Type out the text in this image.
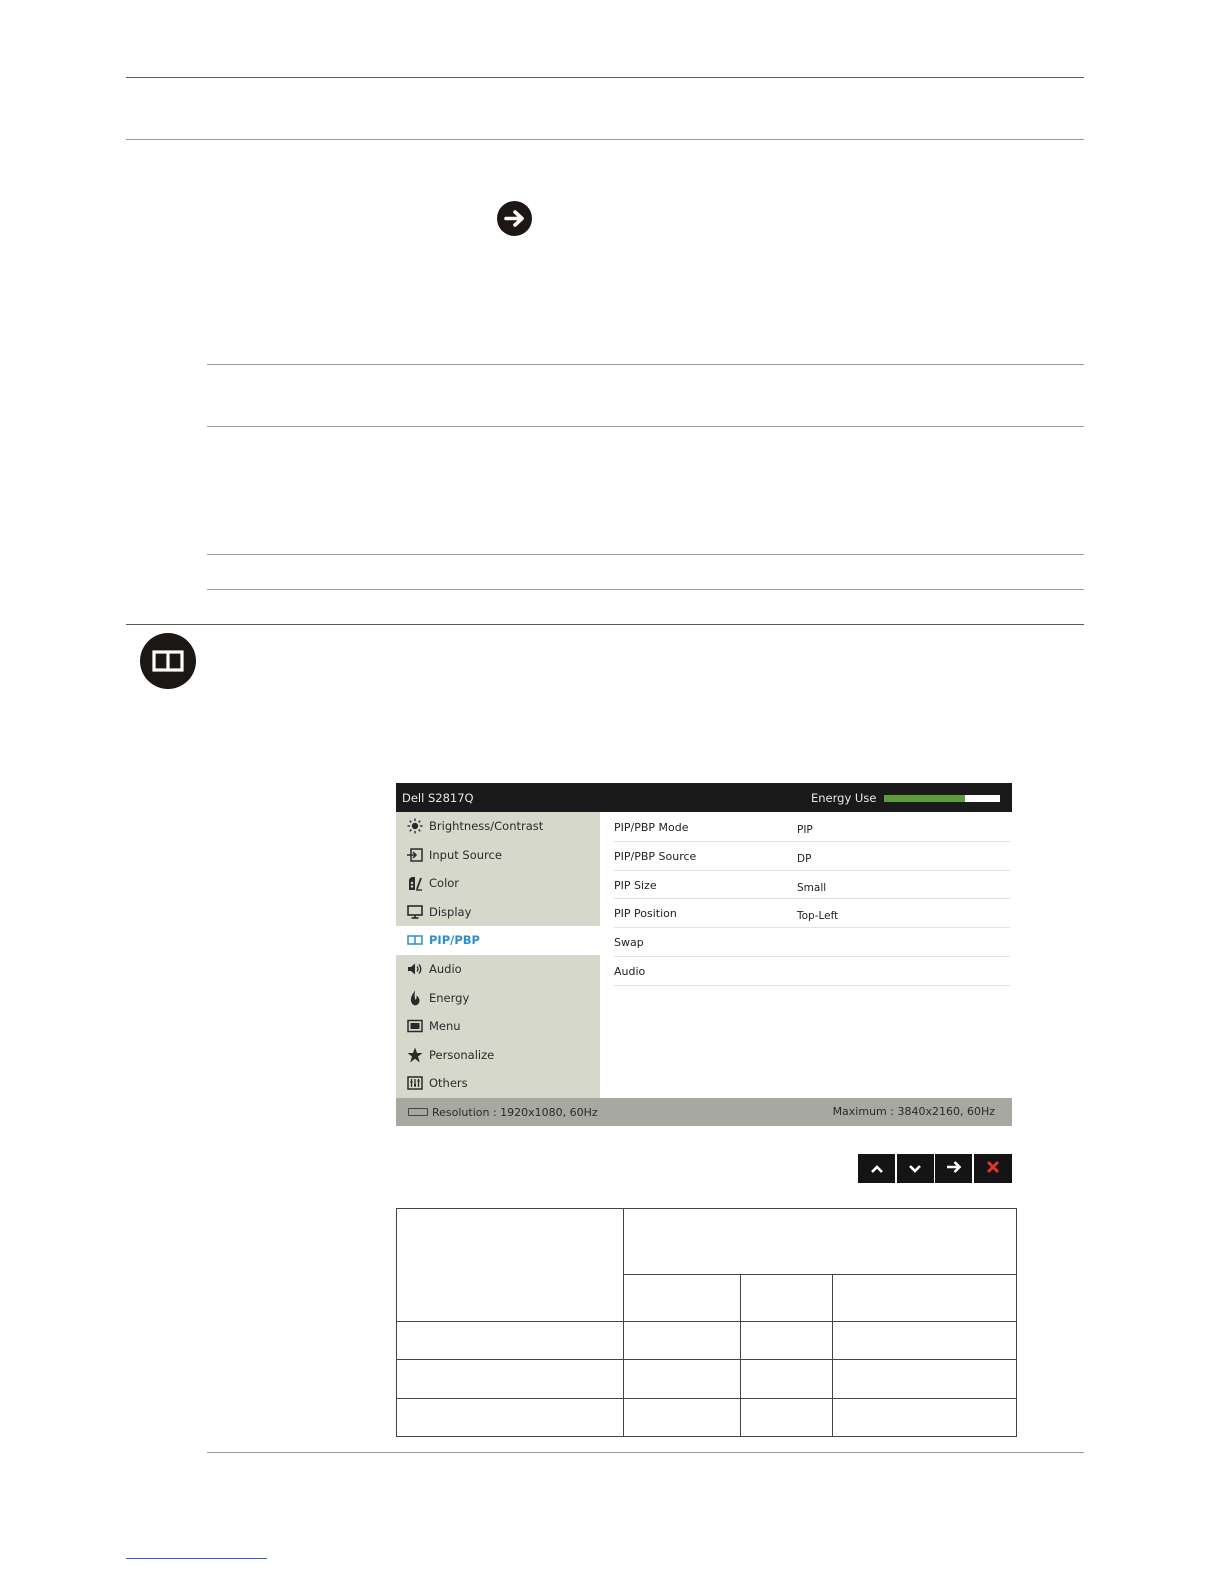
Dell S2817Q	Energy Use
Brightness/Contrast
Input Source
Color
Display
PIP/PBP
Audio
Energy
Menu
Personalize
Others
PIP/PBP Mode	PIP
PIP/PBP Source	DP
PIP Size	Small
PIP Position	Top-Left
Swap
Audio
Resolution : 1920x1080, 60Hz	Maximum : 3840x2160, 60Hz
